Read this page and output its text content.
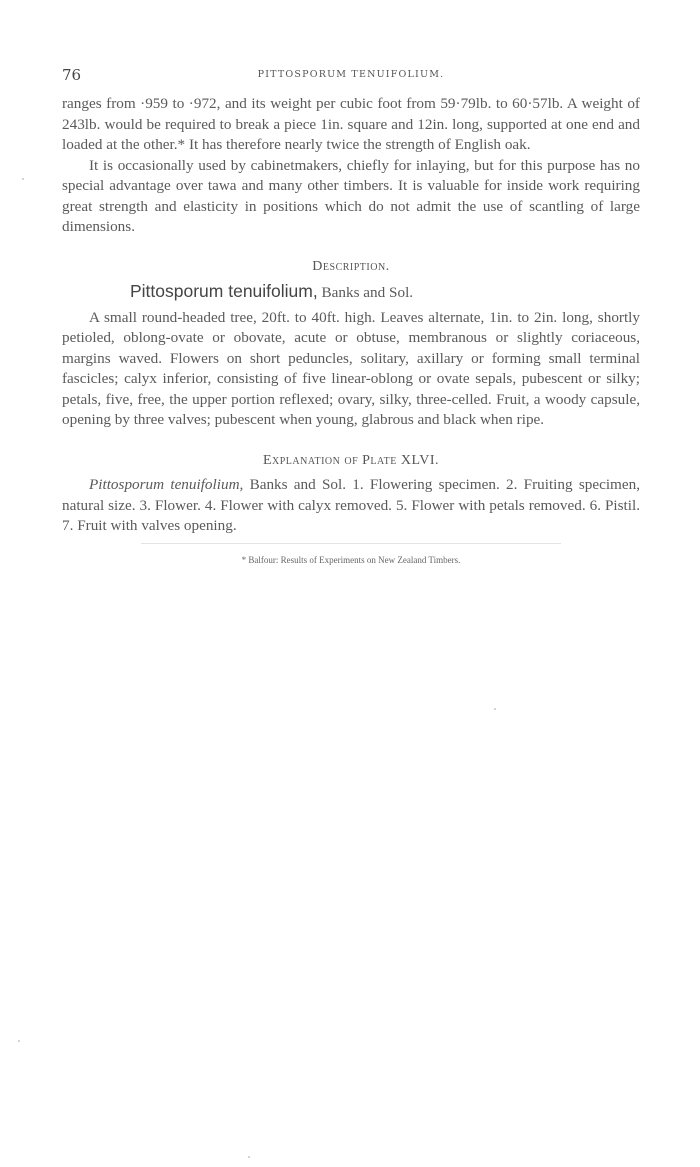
76	PITTOSPORUM TENUIFOLIUM.

ranges from ·959 to ·972, and its weight per cubic foot from 59·79lb. to 60·57lb. A weight of 243lb. would be required to break a piece 1in. square and 12in. long, supported at one end and loaded at the other.* It has therefore nearly twice the strength of English oak.

It is occasionally used by cabinetmakers, chiefly for inlaying, but for this purpose has no special advantage over tawa and many other timbers. It is valuable for inside work requiring great strength and elasticity in positions which do not admit the use of scantling of large dimensions.

Description.

Pittosporum tenuifolium, Banks and Sol.

A small round-headed tree, 20ft. to 40ft. high. Leaves alternate, 1in. to 2in. long, shortly petioled, oblong-ovate or obovate, acute or obtuse, membranous or slightly coriaceous, margins waved. Flowers on short peduncles, solitary, axillary or forming small terminal fascicles; calyx inferior, consisting of five linear-oblong or ovate sepals, pubescent or silky; petals, five, free, the upper portion reflexed; ovary, silky, three-celled. Fruit, a woody capsule, opening by three valves; pubescent when young, glabrous and black when ripe.

Explanation of Plate XLVI.

Pittosporum tenuifolium, Banks and Sol. 1. Flowering specimen. 2. Fruiting specimen, natural size. 3. Flower. 4. Flower with calyx removed. 5. Flower with petals removed. 6. Pistil. 7. Fruit with valves opening.

* Balfour: Results of Experiments on New Zealand Timbers.
